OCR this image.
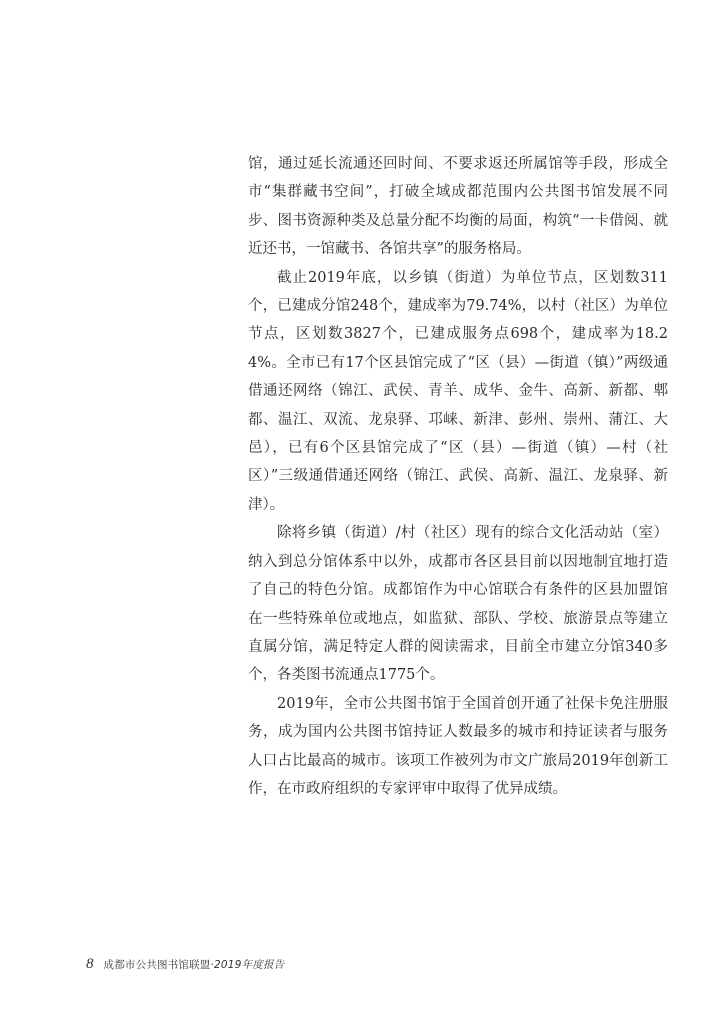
馆，通过延长流通还回时间、不要求返还所属馆等手段，形成全市“集群藏书空间”，打破全域成都范围内公共图书馆发展不同步、图书资源种类及总量分配不均衡的局面，构筑“一卡借阅、就近还书，一馆藏书、各馆共享”的服务格局。

截止2019年底，以乡镇（街道）为单位节点，区划数311个，已建成分馆248个，建成率为79.74%，以村（社区）为单位节点，区划数3827个，已建成服务点698个，建成率为18.24%。全市已有17个区县馆完成了“区（县）—街道（镇）”两级通借通还网络（锦江、武侯、青羊、成华、金牛、高新、新都、郫都、温江、双流、龙泉驿、邛崃、新津、彭州、崇州、蒲江、大邑），已有6个区县馆完成了“区（县）—街道（镇）—村（社区）”三级通借通还网络（锦江、武侯、高新、温江、龙泉驿、新津）。

除将乡镇（街道）/村（社区）现有的综合文化活动站（室）纳入到总分馆体系中以外，成都市各区县目前以因地制宜地打造了自己的特色分馆。成都馆作为中心馆联合有条件的区县加盟馆在一些特殊单位或地点，如监狱、部队、学校、旅游景点等建立直属分馆，满足特定人群的阅读需求，目前全市建立分馆340多个，各类图书流通点1775个。

2019年，全市公共图书馆于全国首创开通了社保卡免注册服务，成为国内公共图书馆持证人数最多的城市和持证读者与服务人口占比最高的城市。该项工作被列为市文广旅局2019年创新工作，在市政府组织的专家评审中取得了优异成绩。

8 成都市公共图书馆联盟·2019年度报告
